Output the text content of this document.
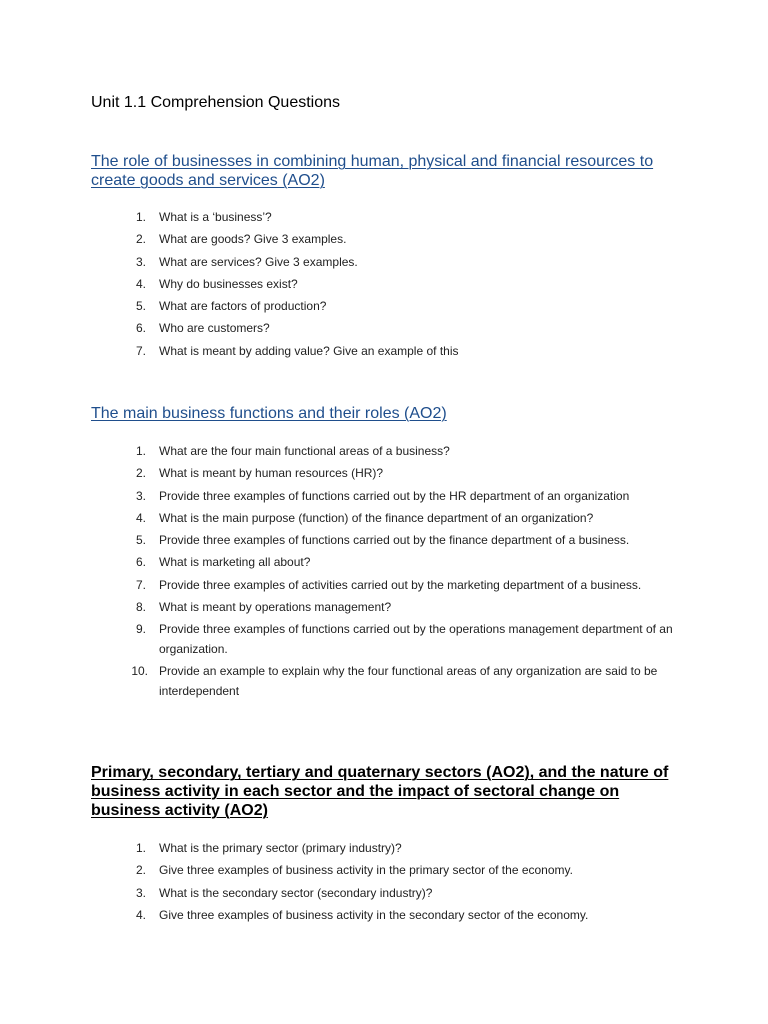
Unit 1.1 Comprehension Questions
The role of businesses in combining human, physical and financial resources to create goods and services (AO2)
1. What is a ‘business’?
2. What are goods? Give 3 examples.
3. What are services? Give 3 examples.
4. Why do businesses exist?
5. What are factors of production?
6. Who are customers?
7. What is meant by adding value? Give an example of this
The main business functions and their roles (AO2)
1. What are the four main functional areas of a business?
2. What is meant by human resources (HR)?
3. Provide three examples of functions carried out by the HR department of an organization
4. What is the main purpose (function) of the finance department of an organization?
5. Provide three examples of functions carried out by the finance department of a business.
6. What is marketing all about?
7. Provide three examples of activities carried out by the marketing department of a business.
8. What is meant by operations management?
9. Provide three examples of functions carried out by the operations management department of an organization.
10. Provide an example to explain why the four functional areas of any organization are said to be interdependent
Primary, secondary, tertiary and quaternary sectors (AO2), and the nature of business activity in each sector and the impact of sectoral change on business activity (AO2)
1. What is the primary sector (primary industry)?
2. Give three examples of business activity in the primary sector of the economy.
3. What is the secondary sector (secondary industry)?
4. Give three examples of business activity in the secondary sector of the economy.
